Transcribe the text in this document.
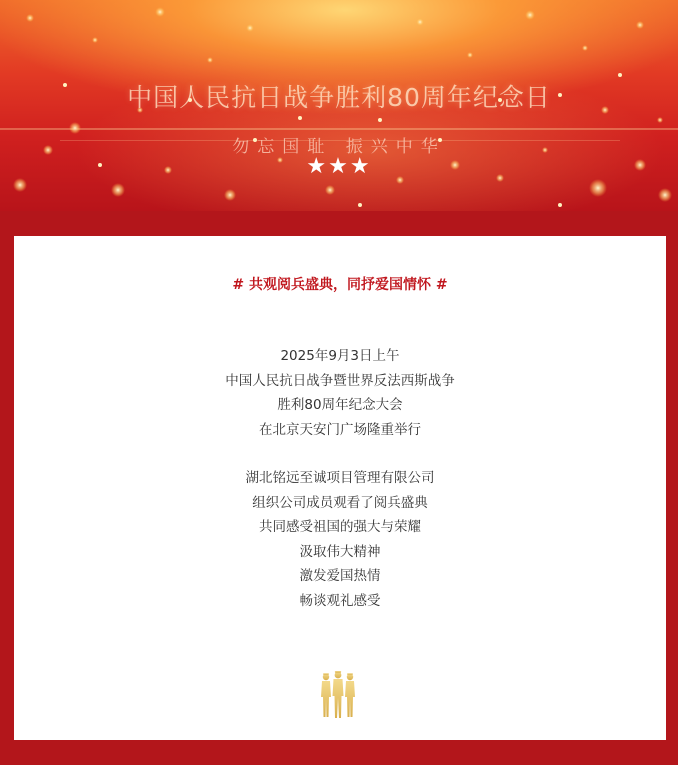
中国人民抗日战争胜利80周年纪念日
勿忘国耻 振兴中华
★★★
# 共观阅兵盛典，同抒爱国情怀 #
2025年9月3日上午
中国人民抗日战争暨世界反法西斯战争
胜利80周年纪念大会
在北京天安门广场隆重举行
湖北铭远至诚项目管理有限公司
组织公司成员观看了阅兵盛典
共同感受祖国的强大与荣耀
汲取伟大精神
激发爱国热情
畅谈观礼感受
